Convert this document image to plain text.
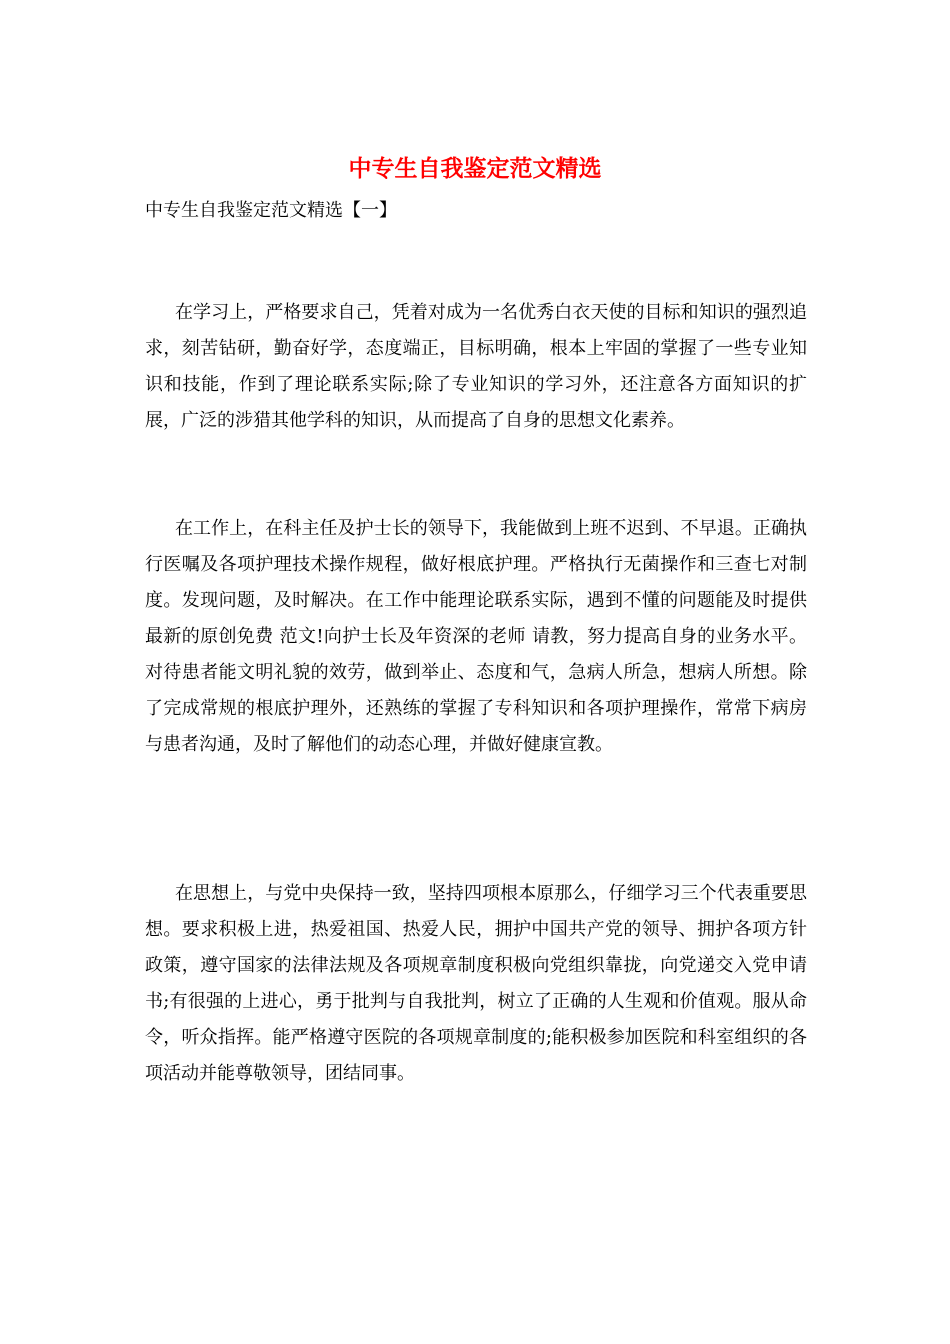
中专生自我鉴定范文精选
中专生自我鉴定范文精选【一】

在学习上，严格要求自己，凭着对成为一名优秀白衣天使的目标和知识的强烈追求，刻苦钻研，勤奋好学，态度端正，目标明确，根本上牢固的掌握了一些专业知识和技能，作到了理论联系实际;除了专业知识的学习外，还注意各方面知识的扩展，广泛的涉猎其他学科的知识，从而提高了自身的思想文化素养。

在工作上，在科主任及护士长的领导下，我能做到上班不迟到、不早退。正确执行医嘱及各项护理技术操作规程，做好根底护理。严格执行无菌操作和三查七对制度。发现问题，及时解决。在工作中能理论联系实际，遇到不懂的问题能及时提供最新的原创免费 范文!向护士长及年资深的老师 请教，努力提高自身的业务水平。对待患者能文明礼貌的效劳，做到举止、态度和气，急病人所急，想病人所想。除了完成常规的根底护理外，还熟练的掌握了专科知识和各项护理操作，常常下病房与患者沟通，及时了解他们的动态心理，并做好健康宣教。

在思想上，与党中央保持一致，坚持四项根本原那么，仔细学习三个代表重要思想。要求积极上进，热爱祖国、热爱人民，拥护中国共产党的领导、拥护各项方针政策，遵守国家的法律法规及各项规章制度积极向党组织靠拢，向党递交入党申请书;有很强的上进心，勇于批判与自我批判，树立了正确的人生观和价值观。服从命令，听众指挥。能严格遵守医院的各项规章制度的;能积极参加医院和科室组织的各项活动并能尊敬领导，团结同事。
